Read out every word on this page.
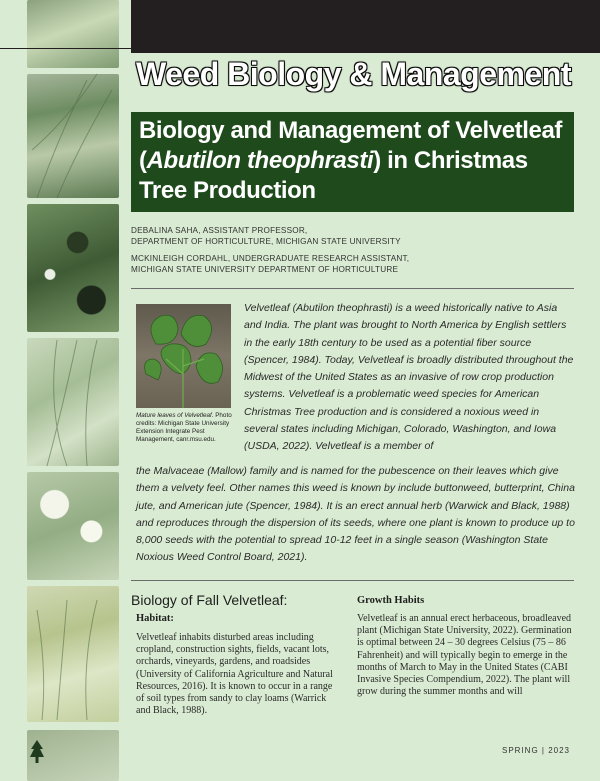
Weed Biology & Management
Biology and Management of Velvetleaf
(Abutilon theophrasti) in Christmas
Tree Production

DEBALINA SAHA, ASSISTANT PROFESSOR,
DEPARTMENT OF HORTICULTURE, MICHIGAN STATE UNIVERSITY

MCKINLEIGH CORDAHL, UNDERGRADUATE RESEARCH ASSISTANT,
MICHIGAN STATE UNIVERSITY DEPARTMENT OF HORTICULTURE

Mature leaves of Velvetleaf. Photo credits: Michigan State University Extension Integrate Pest Management, canr.msu.edu.
Velvetleaf (Abutilon theophrasti) is a weed historically native to Asia and India. The plant was brought to North America by English settlers in the early 18th century to be used as a potential fiber source (Spencer, 1984). Today, Velvetleaf is broadly distributed throughout the Midwest of the United States as an invasive of row crop production systems. Velvetleaf is a problematic weed species for American Christmas Tree production and is considered a noxious weed in several states including Michigan, Colorado, Washington, and Iowa (USDA, 2022). Velvetleaf is a member of
the Malvaceae (Mallow) family and is named for the pubescence on their leaves which give them a velvety feel. Other names this weed is known by include buttonweed, butterprint, China jute, and American jute (Spencer, 1984). It is an erect annual herb (Warwick and Black, 1988) and reproduces through the dispersion of its seeds, where one plant is known to produce up to 8,000 seeds with the potential to spread 10-12 feet in a single season (Washington State Noxious Weed Control Board, 2021).
Biology of Fall Velvetleaf:
Habitat:
Velvetleaf inhabits disturbed areas including cropland, construction sights, fields, vacant lots, orchards, vineyards, gardens, and roadsides (University of California Agriculture and Natural Resources, 2016). It is known to occur in a range of soil types from sandy to clay loams (Warrick and Black, 1988).
Growth Habits
Velvetleaf is an annual erect herbaceous, broadleaved plant (Michigan State University, 2022). Germination is optimal between 24 – 30 degrees Celsius (75 – 86 Fahrenheit) and will typically begin to emerge in the months of March to May in the United States (CABI Invasive Species Compendium, 2022). The plant will grow during the summer months and will
SPRING | 2023
